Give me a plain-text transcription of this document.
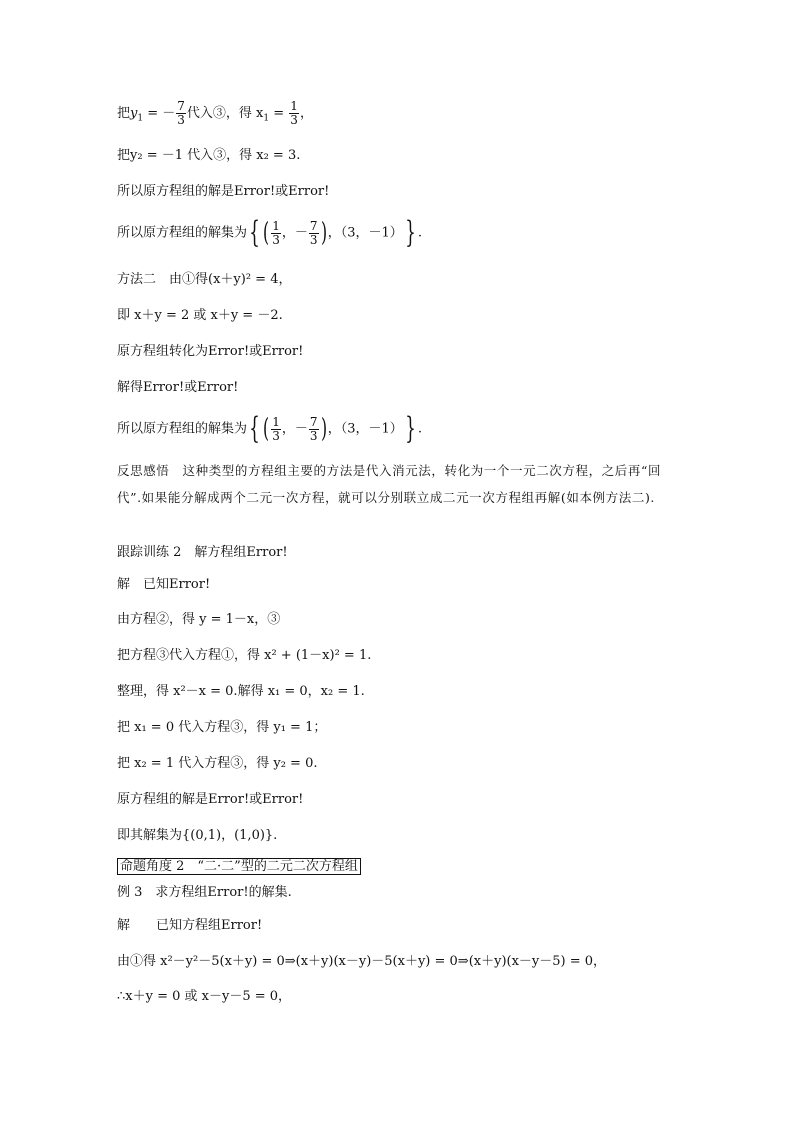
把$y_1$ = － $\frac{7}{3}$ 代入③，得 $x_1 = \frac{1}{3}$ ，
把y₂ = －1 代入③，得 x₂ = 3.
所以原方程组的解是Error!或Error!
所以原方程组的解集为{ ( $\frac{1}{3}$ ，－ $\frac{7}{3}$ )，（3，－1）} .
方法二　由①得(x＋y)² = 4，
即 x＋y = 2 或 x＋y = －2.
原方程组转化为Error!或Error!
解得Error!或Error!
所以原方程组的解集为{ ( $\frac{1}{3}$ ，－ $\frac{7}{3}$ )，（3，－1）} .
反思感悟　这种类型的方程组主要的方法是代入消元法，转化为一个一元二次方程，之后再“回代”.如果能分解成两个二元一次方程，就可以分别联立成二元一次方程组再解(如本例方法二).
跟踪训练 2　解方程组Error!
解　已知Error!
由方程②，得 y = 1－x，③
把方程③代入方程①，得 x² + (1－x)² = 1.
整理，得 x²－x = 0.解得 x₁ = 0，x₂ = 1.
把 x₁ = 0 代入方程③，得 y₁ = 1；
把 x₂ = 1 代入方程③，得 y₂ = 0.
原方程组的解是Error!或Error!
即其解集为{(0,1)，(1,0)}.
命题角度 2　“二·二”型的二元二次方程组
例 3　求方程组Error!的解集.
解　　已知方程组Error!
由①得 x²－y²－5(x＋y) = 0⇒(x＋y)(x－y)－5(x＋y) = 0⇒(x＋y)(x－y－5) = 0，
∴x＋y = 0 或 x－y－5 = 0，
